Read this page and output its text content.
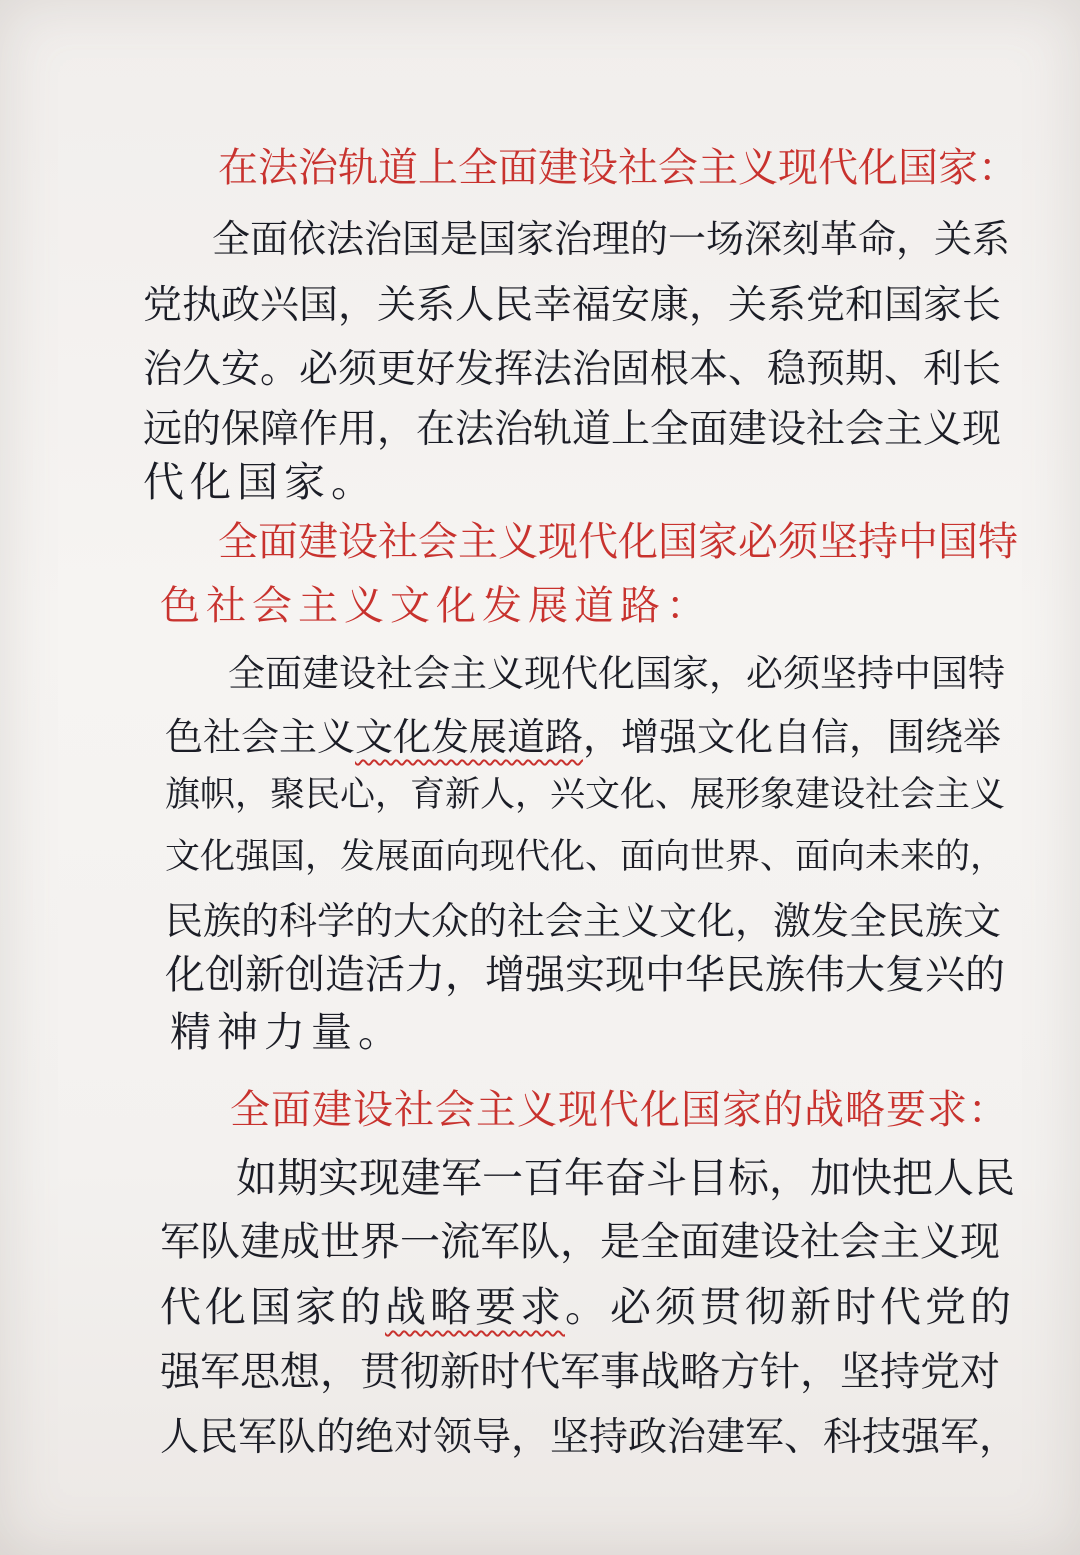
在法治轨道上全面建设社会主义现代化国家：
全面依法治国是国家治理的一场深刻革命，关系
党执政兴国，关系人民幸福安康，关系党和国家长
治久安。必须更好发挥法治固根本、稳预期、利长
远的保障作用，在法治轨道上全面建设社会主义现
代化国家。
全面建设社会主义现代化国家必须坚持中国特
色社会主义文化发展道路：
全面建设社会主义现代化国家，必须坚持中国特
色社会主义文化发展道路，增强文化自信，围绕举
旗帜，聚民心，育新人，兴文化、展形象建设社会主义
文化强国，发展面向现代化、面向世界、面向未来的，
民族的科学的大众的社会主义文化，激发全民族文
化创新创造活力，增强实现中华民族伟大复兴的
精神力量。
全面建设社会主义现代化国家的战略要求：
如期实现建军一百年奋斗目标，加快把人民
军队建成世界一流军队，是全面建设社会主义现
代化国家的战略要求。必须贯彻新时代党的
强军思想，贯彻新时代军事战略方针，坚持党对
人民军队的绝对领导，坚持政治建军、科技强军，
